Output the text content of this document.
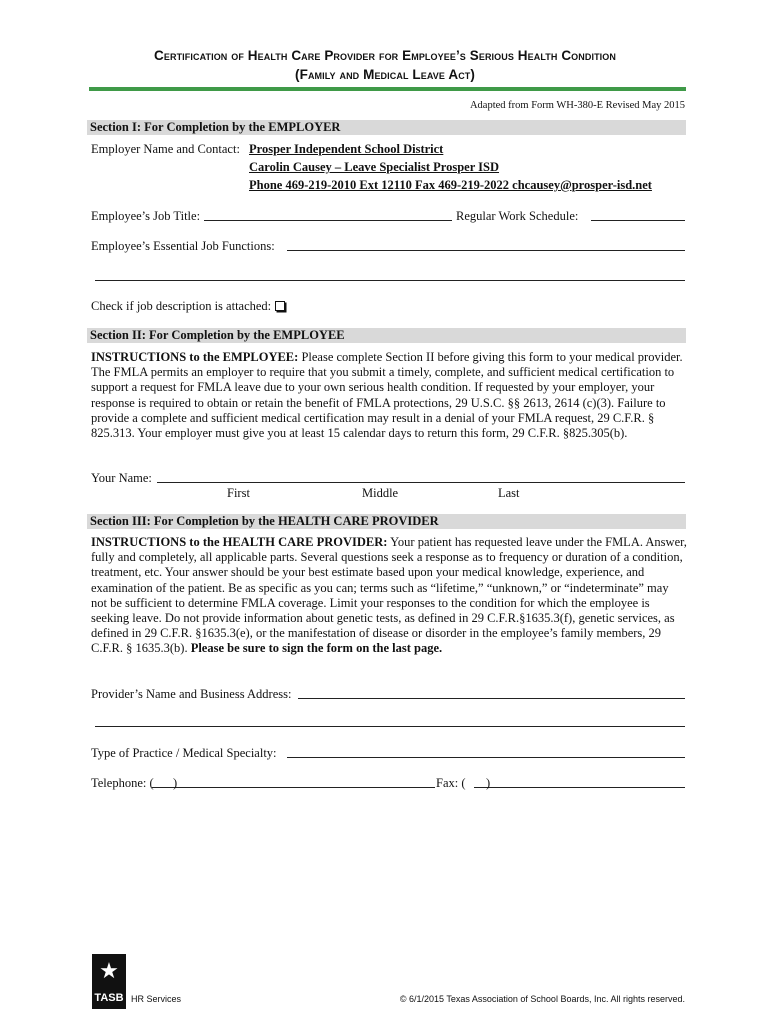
Certification of Health Care Provider for Employee’s Serious Health Condition
(Family and Medical Leave Act)
Adapted from Form WH-380-E Revised May 2015
Section I: For Completion by the EMPLOYER
Employer Name and Contact: Prosper Independent School District
Carolin Causey – Leave Specialist Prosper ISD
Phone 469-219-2010 Ext 12110 Fax 469-219-2022 chcausey@prosper-isd.net
Employee’s Job Title:	Regular Work Schedule:
Employee’s Essential Job Functions:
Check if job description is attached:
Section II: For Completion by the EMPLOYEE
INSTRUCTIONS to the EMPLOYEE: Please complete Section II before giving this form to your medical provider. The FMLA permits an employer to require that you submit a timely, complete, and sufficient medical certification to support a request for FMLA leave due to your own serious health condition. If requested by your employer, your response is required to obtain or retain the benefit of FMLA protections, 29 U.S.C. §§ 2613, 2614 (c)(3). Failure to provide a complete and sufficient medical certification may result in a denial of your FMLA request, 29 C.F.R. § 825.313. Your employer must give you at least 15 calendar days to return this form, 29 C.F.R. §825.305(b).
Your Name:
First	Middle	Last
Section III: For Completion by the HEALTH CARE PROVIDER
INSTRUCTIONS to the HEALTH CARE PROVIDER: Your patient has requested leave under the FMLA. Answer, fully and completely, all applicable parts. Several questions seek a response as to frequency or duration of a condition, treatment, etc. Your answer should be your best estimate based upon your medical knowledge, experience, and examination of the patient. Be as specific as you can; terms such as “lifetime,” “unknown,” or “indeterminate” may not be sufficient to determine FMLA coverage. Limit your responses to the condition for which the employee is seeking leave. Do not provide information about genetic tests, as defined in 29 C.F.R.§1635.3(f), genetic services, as defined in 29 C.F.R. §1635.3(e), or the manifestation of disease or disorder in the employee’s family members, 29 C.F.R. § 1635.3(b). Please be sure to sign the form on the last page.
Provider’s Name and Business Address:
Type of Practice / Medical Specialty:
Telephone: ( )	Fax: ( )
★
TASB HR Services	© 6/1/2015 Texas Association of School Boards, Inc. All rights reserved.
